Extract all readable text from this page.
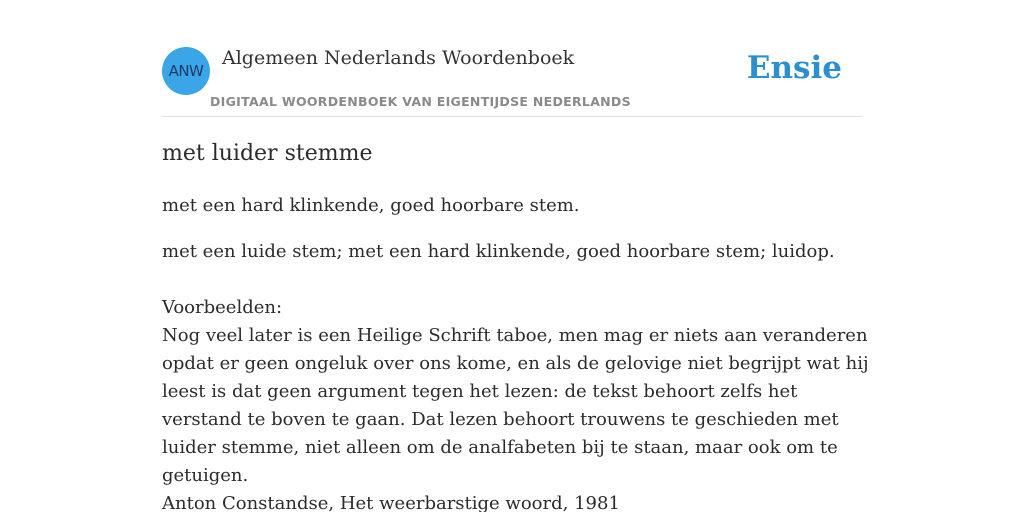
ANW
Algemeen Nederlands Woordenboek
DIGITAAL WOORDENBOEK VAN EIGENTIJDSE NEDERLANDS
Ensie
met luider stemme

met een hard klinkende, goed hoorbare stem.

met een luide stem; met een hard klinkende, goed hoorbare stem; luidop.

Voorbeelden:
Nog veel later is een Heilige Schrift taboe, men mag er niets aan veranderen opdat er geen ongeluk over ons kome, en als de gelovige niet begrijpt wat hij leest is dat geen argument tegen het lezen: de tekst behoort zelfs het verstand te boven te gaan. Dat lezen behoort trouwens te geschieden met luider stemme, niet alleen om de analfabeten bij te staan, maar ook om te getuigen.
Anton Constandse, Het weerbarstige woord, 1981
